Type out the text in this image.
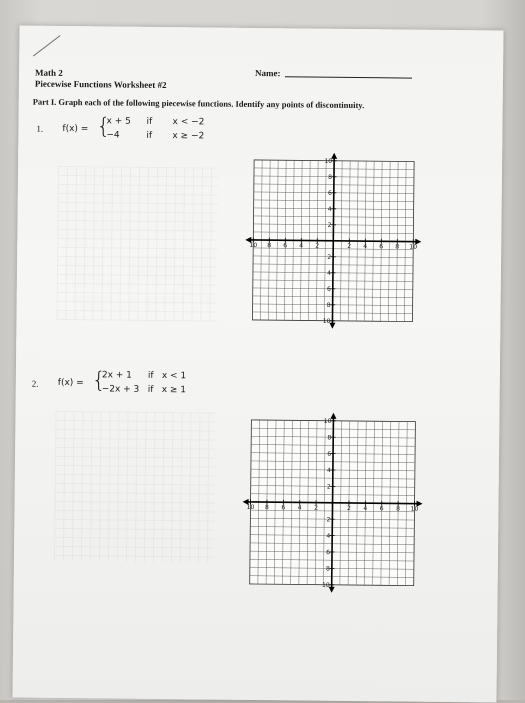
Math 2
Piecewise Functions Worksheet #2
Name:
Part I. Graph each of the following piecewise functions. Identify any points of discontinuity.
1. f(x) = {
x + 5 if x < −2
−4	if x ≥ −2
10 8 6 4 2	2 4 6 8 10
10
8
6
4
2
2
4
6
8
10
2. f(x) = {
2x + 1 if x < 1
−2x + 3 if x ≥ 1
10 8 6 4 2	2 4 6 8 10
10
8
6
4
2
2
4
6
8
10
